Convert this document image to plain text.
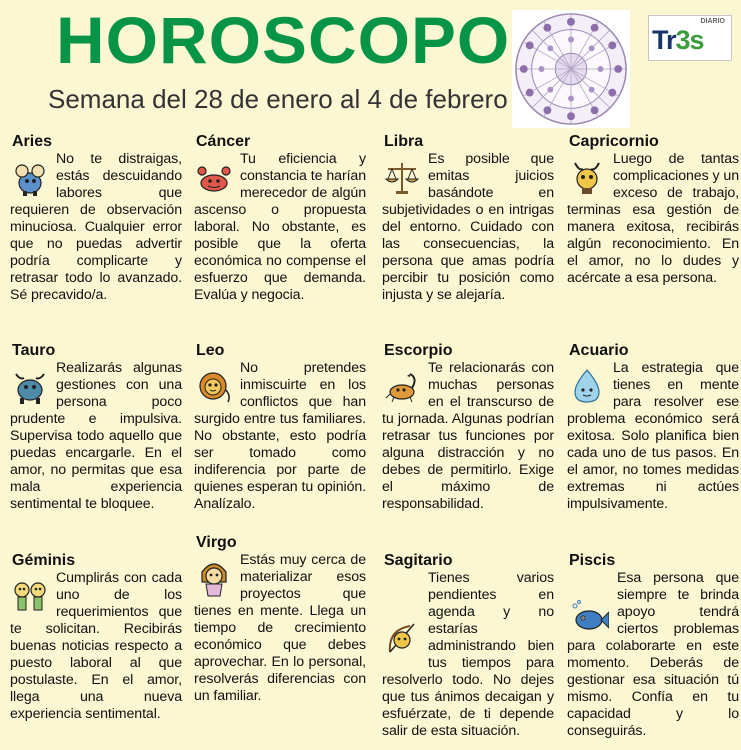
HOROSCOPO
Semana del 28 de enero al 4 de febrero
DIARIO
Tr3s
Aries
No te distraigas, estás descuidando labores que requieren de observación minuciosa. Cualquier error que no puedas advertir podría complicarte y retrasar todo lo avanzado. Sé precavido/a.
Cáncer
Tu eficiencia y constancia te harían merecedor de algún ascenso o propuesta laboral. No obstante, es posible que la oferta económica no compense el esfuerzo que demanda. Evalúa y negocia.
Libra
Es posible que emitas juicios basándote en subjetividades o en intrigas del entorno. Cuidado con las consecuencias, la persona que amas podría percibir tu posición como injusta y se alejaría.
Capricornio
Luego de tantas complicaciones y un exceso de trabajo, terminas esa gestión de manera exitosa, recibirás algún reconocimiento. En el amor, no lo dudes y acércate a esa persona.
Tauro
Realizarás algunas gestiones con una persona poco prudente e impulsiva. Supervisa todo aquello que puedas encargarle. En el amor, no permitas que esa mala experiencia sentimental te bloquee.
Leo
No pretendes inmiscuirte en los conflictos que han surgido entre tus familiares. No obstante, esto podría ser tomado como indiferencia por parte de quienes esperan tu opinión. Analízalo.
Escorpio
Te relacionarás con muchas personas en el transcurso de tu jornada. Algunas podrían retrasar tus funciones por alguna distracción y no debes de permitirlo. Exige el máximo de responsabilidad.
Acuario
La estrategia que tienes en mente para resolver ese problema económico será exitosa. Solo planifica bien cada uno de tus pasos. En el amor, no tomes medidas extremas ni actúes impulsivamente.
Géminis
Cumplirás con cada uno de los requerimientos que te solicitan. Recibirás buenas noticias respecto a puesto laboral al que postulaste. En el amor, llega una nueva experiencia sentimental.
Virgo
Estás muy cerca de materializar esos proyectos que tienes en mente. Llega un tiempo de crecimiento económico que debes aprovechar. En lo personal, resolverás diferencias con un familiar.
Sagitario
Tienes varios pendientes en agenda y no estarías administrando bien tus tiempos para resolverlo todo. No dejes que tus ánimos decaigan y esfuérzate, de ti depende salir de esta situación.
Piscis
Esa persona que siempre te brinda apoyo tendrá ciertos problemas para colaborarte en este momento. Deberás de gestionar esa situación tú mismo. Confía en tu capacidad y lo conseguirás.
